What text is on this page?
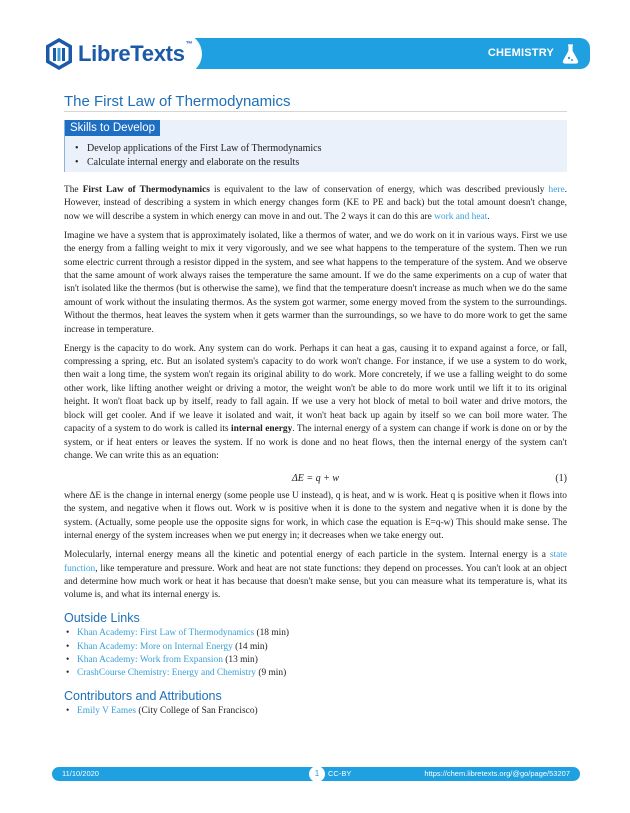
CHEMISTRY
LibreTexts™
The First Law of Thermodynamics
Skills to Develop
• Develop applications of the First Law of Thermodynamics
• Calculate internal energy and elaborate on the results

The First Law of Thermodynamics is equivalent to the law of conservation of energy, which was described previously here. However, instead of describing a system in which energy changes form (KE to PE and back) but the total amount doesn't change, now we will describe a system in which energy can move in and out. The 2 ways it can do this are work and heat.

Imagine we have a system that is approximately isolated, like a thermos of water, and we do work on it in various ways. First we use the energy from a falling weight to mix it very vigorously, and we see what happens to the temperature of the system. Then we run some electric current through a resistor dipped in the system, and see what happens to the temperature of the system. And we observe that the same amount of work always raises the temperature the same amount. If we do the same experiments on a cup of water that isn't isolated like the thermos (but is otherwise the same), we find that the temperature doesn't increase as much when we do the same amount of work without the insulating thermos. As the system got warmer, some energy moved from the system to the surroundings. Without the thermos, heat leaves the system when it gets warmer than the surroundings, so we have to do more work to get the same increase in temperature.

Energy is the capacity to do work. Any system can do work. Perhaps it can heat a gas, causing it to expand against a force, or fall, compressing a spring, etc. But an isolated system's capacity to do work won't change. For instance, if we use a system to do work, then wait a long time, the system won't regain its original ability to do work. More concretely, if we use a falling weight to do some other work, like lifting another weight or driving a motor, the weight won't be able to do more work until we lift it to its original height. It won't float back up by itself, ready to fall again. If we use a very hot block of metal to boil water and drive motors, the block will get cooler. And if we leave it isolated and wait, it won't heat back up again by itself so we can boil more water. The capacity of a system to do work is called its internal energy. The internal energy of a system can change if work is done on or by the system, or if heat enters or leaves the system. If no work is done and no heat flows, then the internal energy of the system can't change. We can write this as an equation:

ΔE = q + w	(1)

where ΔE is the change in internal energy (some people use U instead), q is heat, and w is work. Heat q is positive when it flows into the system, and negative when it flows out. Work w is positive when it is done to the system and negative when it is done by the system. (Actually, some people use the opposite signs for work, in which case the equation is E=q-w) This should make sense. The internal energy of the system increases when we put energy in; it decreases when we take energy out.

Molecularly, internal energy means all the kinetic and potential energy of each particle in the system. Internal energy is a state function, like temperature and pressure. Work and heat are not state functions: they depend on processes. You can't look at an object and determine how much work or heat it has because that doesn't make sense, but you can measure what its temperature is, what its volume is, and what its internal energy is.

Outside Links
• Khan Academy: First Law of Thermodynamics (18 min)
• Khan Academy: More on Internal Energy (14 min)
• Khan Academy: Work from Expansion (13 min)
• CrashCourse Chemistry: Energy and Chemistry (9 min)
Contributors and Attributions
• Emily V Eames (City College of San Francisco)
11/10/2020	1	CC-BY	https://chem.libretexts.org/@go/page/53207
